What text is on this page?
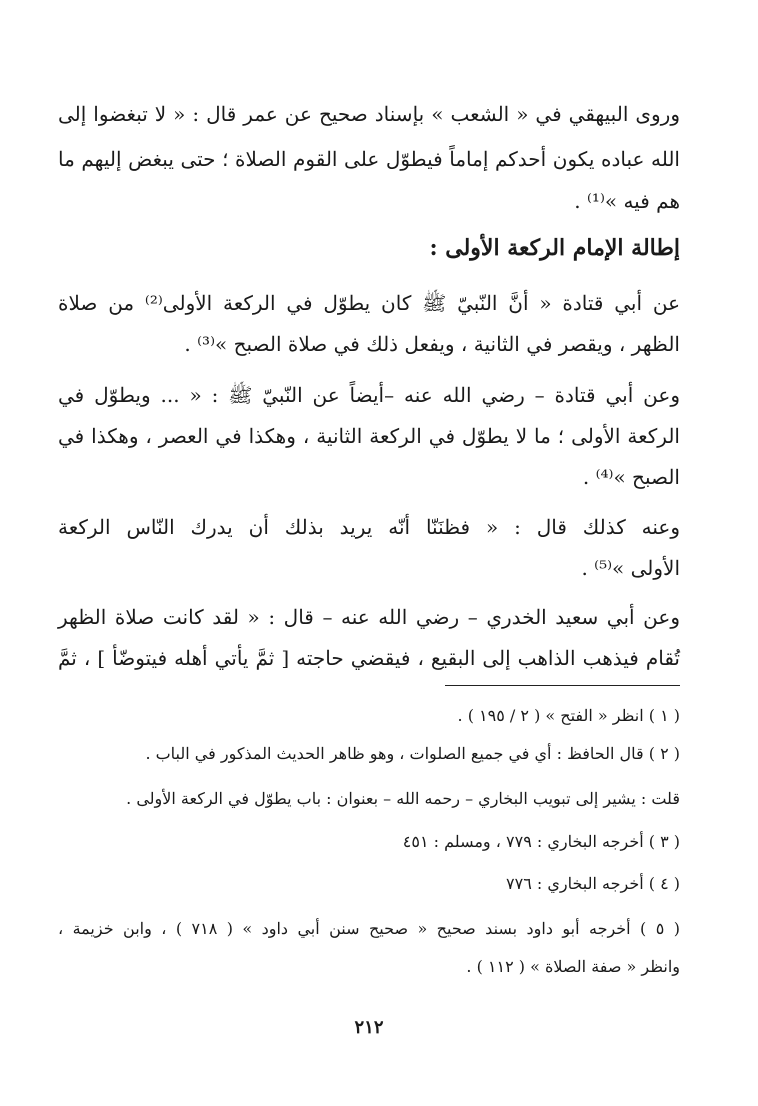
وروى البيهقي في « الشعب » بإسناد صحيح عن عمر قال : « لا تبغضوا إلى
الله عباده يكون أحدكم إماماً فيطوّل على القوم الصلاة ؛ حتى يبغض إليهم ما
هم فيه »⁽¹⁾ .
إطالة الإمام الركعة الأولى :
عن أبي قتادة « أنَّ النّبيّ ﷺ كان يطوّل في الركعة الأولى⁽²⁾ من صلاة
الظهر ، ويقصر في الثانية ، ويفعل ذلك في صلاة الصبح »⁽³⁾ .
وعن أبي قتادة – رضي الله عنه –أيضاً عن النّبيّ ﷺ : « ... ويطوّل في
الركعة الأولى ؛ ما لا يطوّل في الركعة الثانية ، وهكذا في العصر ، وهكذا في
الصبح »⁽⁴⁾ .
وعنه كذلك قال : « فظنَنّا أنّه يريد بذلك أن يدرك النّاس الركعة
الأولى »⁽⁵⁾ .
وعن أبي سعيد الخدري – رضي الله عنه – قال : « لقد كانت صلاة الظهر
تُقام فيذهب الذاهب إلى البقيع ، فيقضي حاجته [ ثمَّ يأتي أهله فيتوضّأ ] ، ثمَّ
( ١ ) انظر « الفتح » ( ٢ / ١٩٥ ) .
( ٢ ) قال الحافظ : أي في جميع الصلوات ، وهو ظاهر الحديث المذكور في الباب .
قلت : يشير إلى تبويب البخاري – رحمه الله – بعنوان : باب يطوّل في الركعة الأولى .
( ٣ ) أخرجه البخاري : ٧٧٩ ، ومسلم : ٤٥١
( ٤ ) أخرجه البخاري : ٧٧٦
( ٥ ) أخرجه أبو داود بسند صحيح « صحيح سنن أبي داود » ( ٧١٨ ) ، وابن خزيمة ،
وانظر « صفة الصلاة » ( ١١٢ ) .
٢١٢
